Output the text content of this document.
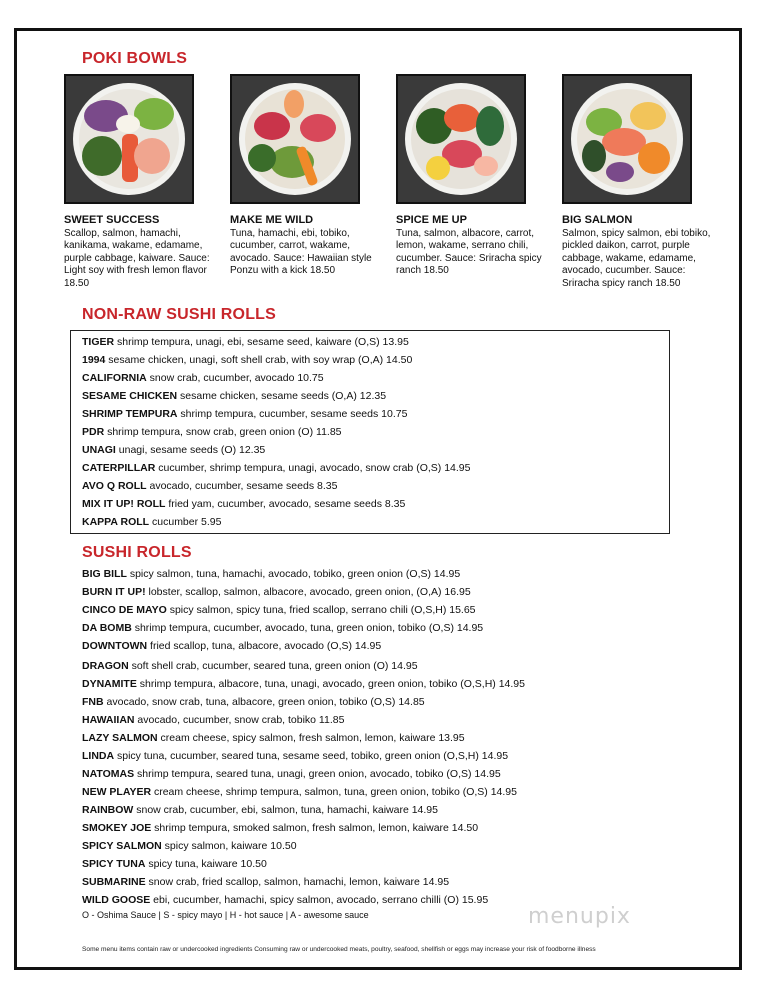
POKI BOWLS
SWEET SUCCESS
Scallop, salmon, hamachi, kanikama, wakame, edamame, purple cabbage, kaiware. Sauce: Light soy with fresh lemon flavor 18.50
MAKE ME WILD
Tuna, hamachi, ebi, tobiko, cucumber, carrot, wakame, avocado. Sauce: Hawaiian style Ponzu with a kick 18.50
SPICE ME UP
Tuna, salmon, albacore, carrot, lemon, wakame, serrano chili, cucumber. Sauce: Sriracha spicy ranch 18.50
BIG SALMON
Salmon, spicy salmon, ebi tobiko, pickled daikon, carrot, purple cabbage, wakame, edamame, avocado, cucumber. Sauce: Sriracha spicy ranch 18.50
NON-RAW SUSHI ROLLS
TIGER shrimp tempura, unagi, ebi, sesame seed, kaiware (O,S) 13.95
1994 sesame chicken, unagi, soft shell crab, with soy wrap (O,A) 14.50
CALIFORNIA snow crab, cucumber, avocado 10.75
SESAME CHICKEN sesame chicken, sesame seeds (O,A) 12.35
SHRIMP TEMPURA shrimp tempura, cucumber, sesame seeds 10.75
PDR shrimp tempura, snow crab, green onion (O) 11.85
UNAGI unagi, sesame seeds (O) 12.35
CATERPILLAR cucumber, shrimp tempura, unagi, avocado, snow crab (O,S) 14.95
AVO Q ROLL avocado, cucumber, sesame seeds 8.35
MIX IT UP! ROLL fried yam, cucumber, avocado, sesame seeds 8.35
KAPPA ROLL cucumber 5.95
SUSHI ROLLS
BIG BILL spicy salmon, tuna, hamachi, avocado, tobiko, green onion (O,S) 14.95
BURN IT UP! lobster, scallop, salmon, albacore, avocado, green onion, (O,A) 16.95
CINCO DE MAYO spicy salmon, spicy tuna, fried scallop, serrano chili (O,S,H) 15.65
DA BOMB shrimp tempura, cucumber, avocado, tuna, green onion, tobiko (O,S) 14.95
DOWNTOWN fried scallop, tuna, albacore, avocado (O,S) 14.95
DRAGON soft shell crab, cucumber, seared tuna, green onion (O) 14.95
DYNAMITE shrimp tempura, albacore, tuna, unagi, avocado, green onion, tobiko (O,S,H) 14.95
FNB avocado, snow crab, tuna, albacore, green onion, tobiko (O,S) 14.85
HAWAIIAN avocado, cucumber, snow crab, tobiko 11.85
LAZY SALMON cream cheese, spicy salmon, fresh salmon, lemon, kaiware 13.95
LINDA spicy tuna, cucumber, seared tuna, sesame seed, tobiko, green onion (O,S,H) 14.95
NATOMAS shrimp tempura, seared tuna, unagi, green onion, avocado, tobiko (O,S) 14.95
NEW PLAYER cream cheese, shrimp tempura, salmon, tuna, green onion, tobiko (O,S) 14.95
RAINBOW snow crab, cucumber, ebi, salmon, tuna, hamachi, kaiware 14.95
SMOKEY JOE shrimp tempura, smoked salmon, fresh salmon, lemon, kaiware 14.50
SPICY SALMON spicy salmon, kaiware 10.50
SPICY TUNA spicy tuna, kaiware 10.50
SUBMARINE snow crab, fried scallop, salmon, hamachi, lemon, kaiware 14.95
WILD GOOSE ebi, cucumber, hamachi, spicy salmon, avocado, serrano chilli (O) 15.95
O - Oshima Sauce | S - spicy mayo | H - hot sauce | A - awesome sauce	menupix
Some menu items contain raw or undercooked ingredients Consuming raw or undercooked meats, poultry, seafood, shellfish or eggs may increase your risk of foodborne illness
